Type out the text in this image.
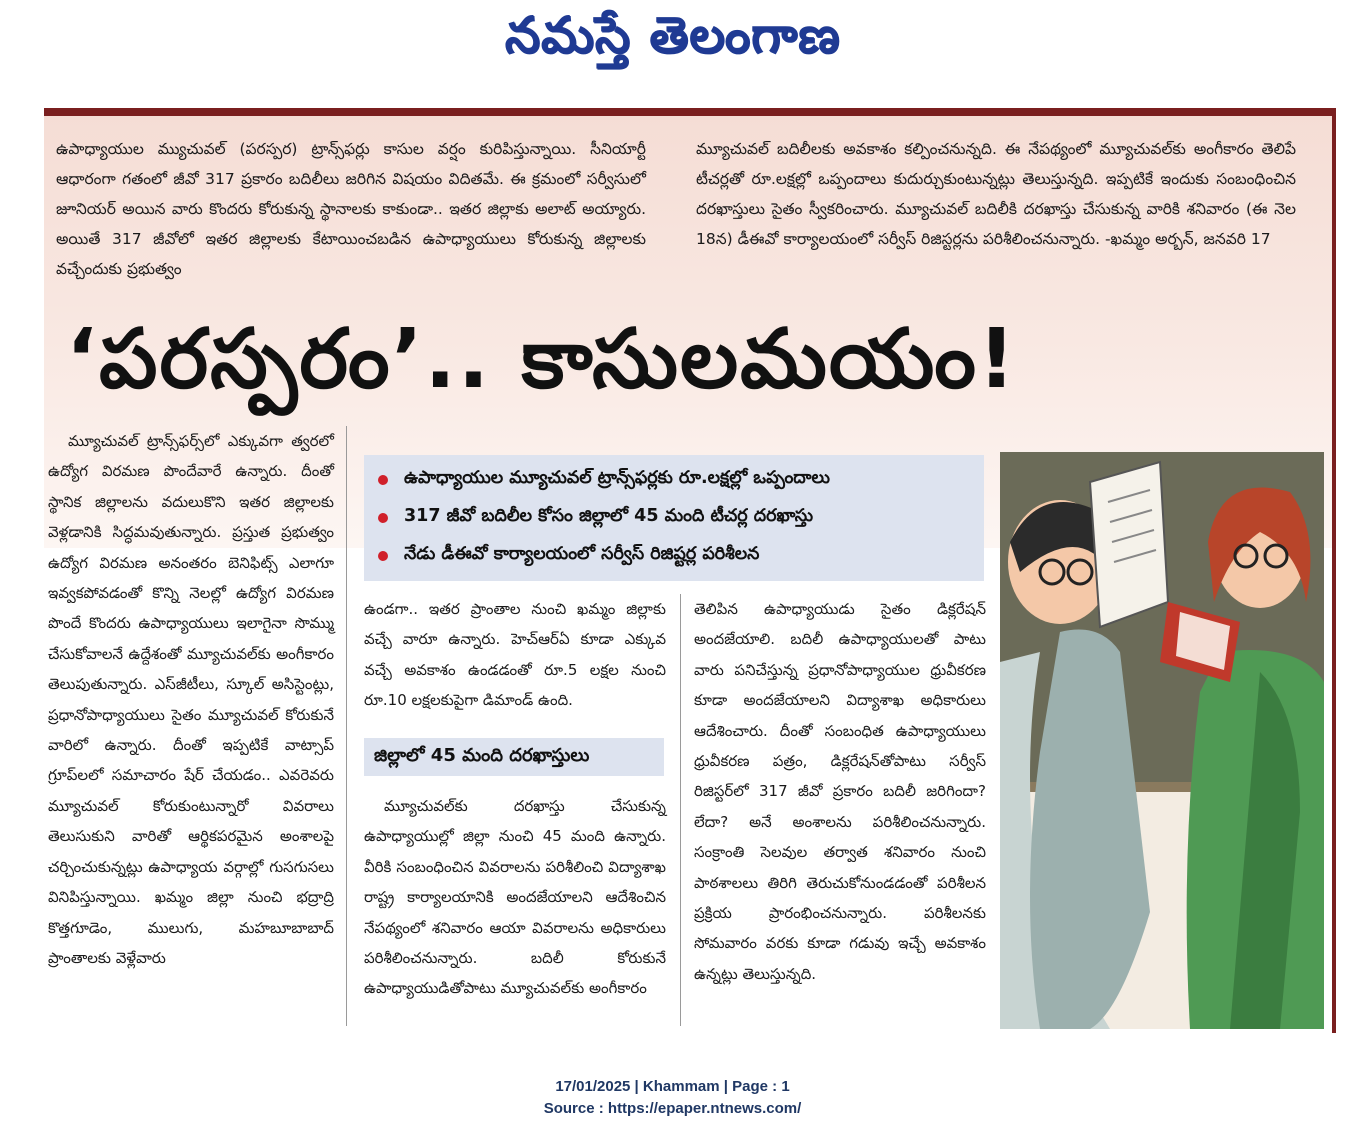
నమస్తే తెలంగాణ
ఉపాధ్యాయుల మ్యుచువల్ (పరస్పర) ట్రాన్స్‌ఫర్లు కాసుల వర్షం కురిపిస్తున్నాయి. సీనియార్టీ ఆధారంగా గతంలో జీవో 317 ప్రకారం బదిలీలు జరిగిన విషయం విదితమే. ఈ క్రమంలో సర్వీసులో జూనియర్ అయిన వారు కొందరు కోరుకున్న స్థానాలకు కాకుండా.. ఇతర జిల్లాకు అలాట్ అయ్యారు. అయితే 317 జీవోలో ఇతర జిల్లాలకు కేటాయించబడిన ఉపాధ్యాయులు కోరుకున్న జిల్లాలకు వచ్చేందుకు ప్రభుత్వం
మ్యూచువల్ బదిలీలకు అవకాశం కల్పించనున్నది. ఈ నేపథ్యంలో మ్యూచువల్‌కు అంగీకారం తెలిపే టీచర్లతో రూ.లక్షల్లో ఒప్పందాలు కుదుర్చుకుంటున్నట్లు తెలుస్తున్నది. ఇప్పటికే ఇందుకు సంబంధించిన దరఖాస్తులు సైతం స్వీకరించారు. మ్యూచువల్ బదిలీకి దరఖాస్తు చేసుకున్న వారికి శనివారం (ఈ నెల 18న) డీఈవో కార్యాలయంలో సర్వీస్ రిజిస్టర్లను పరిశీలించనున్నారు. -ఖమ్మం అర్బన్, జనవరి 17
‘పరస్పరం’.. కాసులమయం!
మ్యూచువల్ ట్రాన్స్‌ఫర్స్‌లో ఎక్కువగా త్వరలో ఉద్యోగ విరమణ పొందేవారే ఉన్నారు. దీంతో స్థానిక జిల్లాలను వదులుకొని ఇతర జిల్లాలకు వెళ్లడానికి సిద్ధమవుతున్నారు. ప్రస్తుత ప్రభుత్వం ఉద్యోగ విరమణ అనంతరం బెనిఫిట్స్ ఎలాగూ ఇవ్వకపోవడంతో కొన్ని నెలల్లో ఉద్యోగ విరమణ పొందే కొందరు ఉపాధ్యాయులు ఇలాగైనా సొమ్ము చేసుకోవాలనే ఉద్దేశంతో మ్యూచువల్‌కు అంగీకారం తెలుపుతున్నారు. ఎస్‌జీటీలు, స్కూల్ అసిస్టెంట్లు, ప్రధానోపాధ్యాయులు సైతం మ్యూచువల్ కోరుకునే వారిలో ఉన్నారు. దీంతో ఇప్పటికే వాట్సాప్ గ్రూప్‌లలో సమాచారం షేర్ చేయడం.. ఎవరెవరు మ్యూచువల్ కోరుకుంటున్నారో వివరాలు తెలుసుకుని వారితో ఆర్థికపరమైన అంశాలపై చర్చించుకున్నట్లు ఉపాధ్యాయ వర్గాల్లో గుసగుసలు వినిపిస్తున్నాయి. ఖమ్మం జిల్లా నుంచి భద్రాద్రి కొత్తగూడెం, ములుగు, మహబూబాబాద్ ప్రాంతాలకు వెళ్లేవారు
ఉపాధ్యాయుల మ్యూచువల్ ట్రాన్స్‌ఫర్లకు రూ.లక్షల్లో ఒప్పందాలు
317 జీవో బదిలీల కోసం జిల్లాలో 45 మంది టీచర్ల దరఖాస్తు
నేడు డీఈవో కార్యాలయంలో సర్వీస్ రిజిష్టర్ల పరిశీలన
ఉండగా.. ఇతర ప్రాంతాల నుంచి ఖమ్మం జిల్లాకు వచ్చే వారూ ఉన్నారు. హెచ్‌ఆర్‌ఏ కూడా ఎక్కువ వచ్చే అవకాశం ఉండడంతో రూ.5 లక్షల నుంచి రూ.10 లక్షలకుపైగా డిమాండ్ ఉంది.
జిల్లాలో 45 మంది దరఖాస్తులు
మ్యూచువల్‌కు దరఖాస్తు చేసుకున్న ఉపాధ్యాయుల్లో జిల్లా నుంచి 45 మంది ఉన్నారు. వీరికి సంబంధించిన వివరాలను పరిశీలించి విద్యాశాఖ రాష్ట్ర కార్యాలయానికి అందజేయాలని ఆదేశించిన నేపథ్యంలో శనివారం ఆయా వివరాలను అధికారులు పరిశీలించనున్నారు. బదిలీ కోరుకునే ఉపాధ్యాయుడితోపాటు మ్యూచువల్‌కు అంగీకారం
తెలిపిన ఉపాధ్యాయుడు సైతం డిక్లరేషన్ అందజేయాలి. బదిలీ ఉపాధ్యాయులతో పాటు వారు పనిచేస్తున్న ప్రధానోపాధ్యాయుల ధ్రువీకరణ కూడా అందజేయాలని విద్యాశాఖ అధికారులు ఆదేశించారు. దీంతో సంబంధిత ఉపాధ్యాయులు ధ్రువీకరణ పత్రం, డిక్లరేషన్‌తోపాటు సర్వీస్ రిజిస్టర్‌లో 317 జీవో ప్రకారం బదిలీ జరిగిందా? లేదా? అనే అంశాలను పరిశీలించనున్నారు. సంక్రాంతి సెలవుల తర్వాత శనివారం నుంచి పాఠశాలలు తిరిగి తెరుచుకోనుండడంతో పరిశీలన ప్రక్రియ ప్రారంభించనున్నారు. పరిశీలనకు సోమవారం వరకు కూడా గడువు ఇచ్చే అవకాశం ఉన్నట్లు తెలుస్తున్నది.
17/01/2025 | Khammam | Page : 1
Source : https://epaper.ntnews.com/
